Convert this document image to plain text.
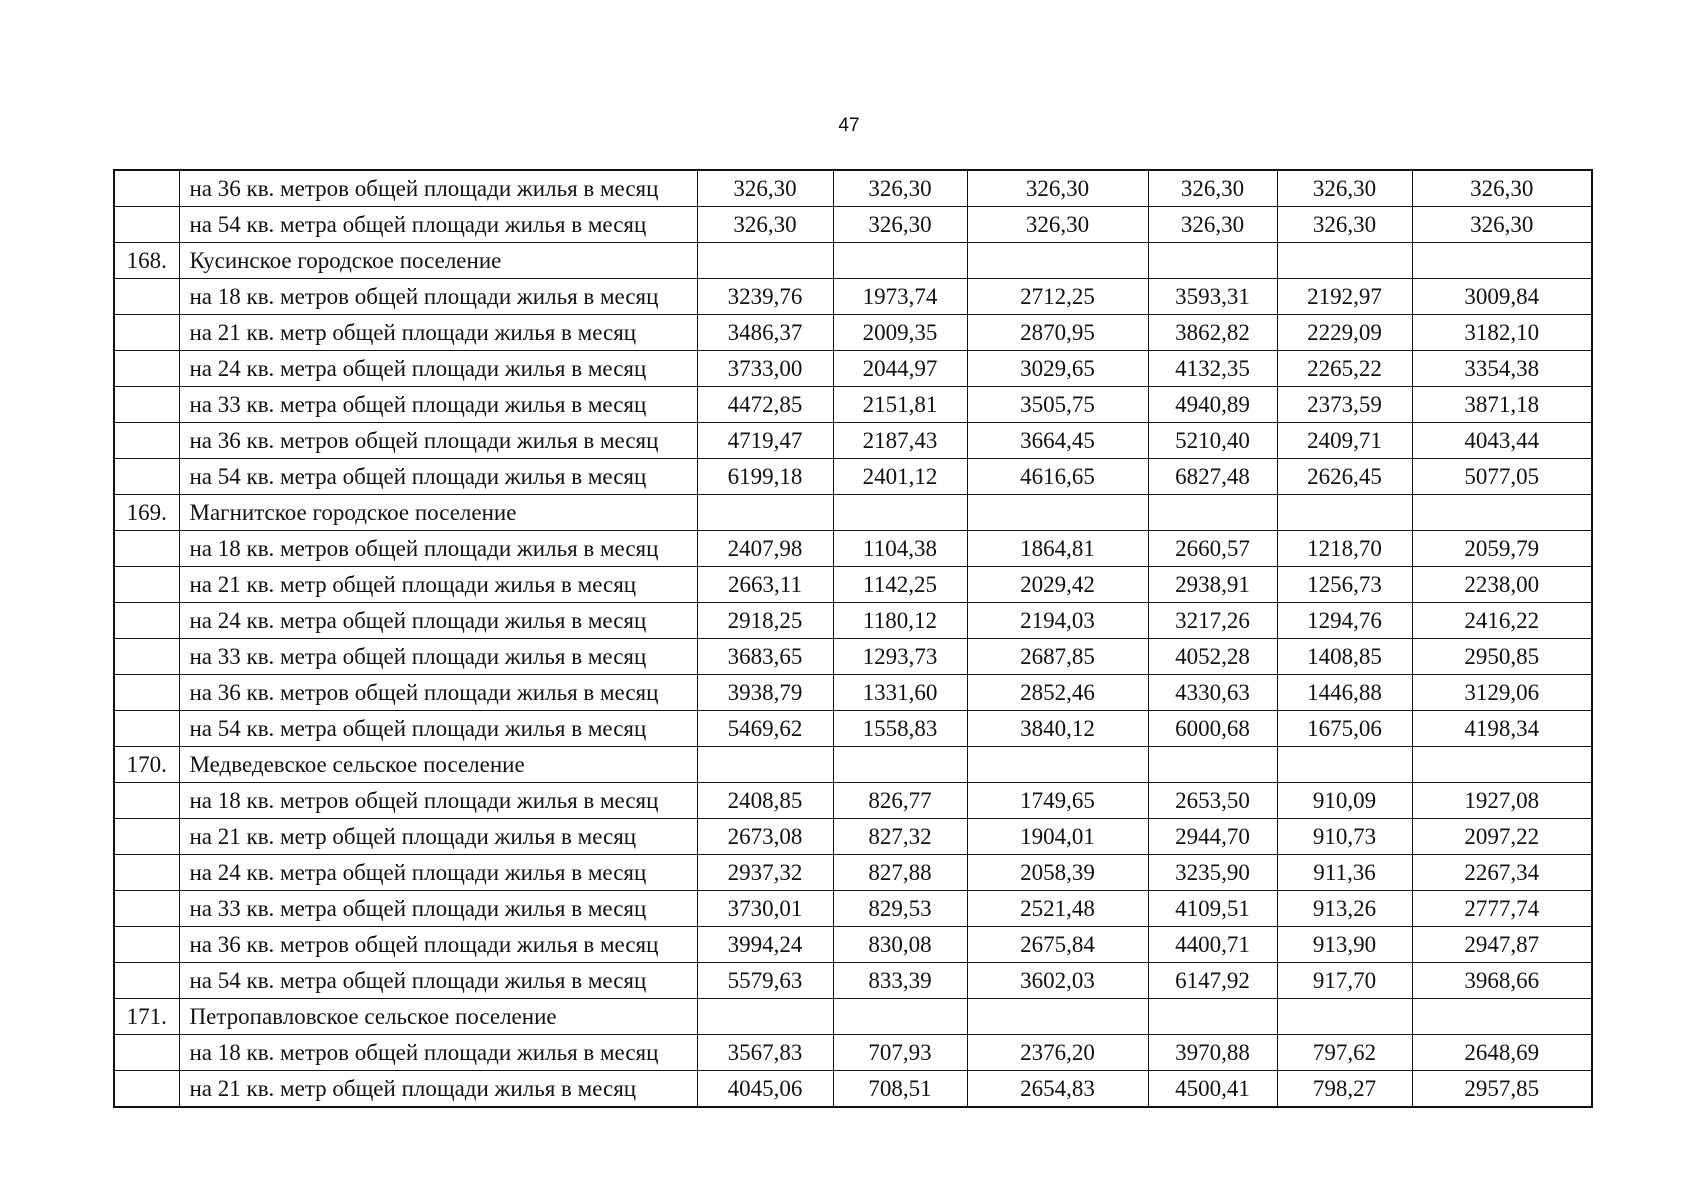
47
	на 36 кв. метров общей площади жилья в месяц	326,30	326,30	326,30	326,30	326,30	326,30
	на 54 кв. метра общей площади жилья в месяц	326,30	326,30	326,30	326,30	326,30	326,30
168.	Кусинское городское поселение						
	на 18 кв. метров общей площади жилья в месяц	3239,76	1973,74	2712,25	3593,31	2192,97	3009,84
	на 21 кв. метр общей площади жилья в месяц	3486,37	2009,35	2870,95	3862,82	2229,09	3182,10
	на 24 кв. метра общей площади жилья в месяц	3733,00	2044,97	3029,65	4132,35	2265,22	3354,38
	на 33 кв. метра общей площади жилья в месяц	4472,85	2151,81	3505,75	4940,89	2373,59	3871,18
	на 36 кв. метров общей площади жилья в месяц	4719,47	2187,43	3664,45	5210,40	2409,71	4043,44
	на 54 кв. метра общей площади жилья в месяц	6199,18	2401,12	4616,65	6827,48	2626,45	5077,05
169.	Магнитское городское поселение						
	на 18 кв. метров общей площади жилья в месяц	2407,98	1104,38	1864,81	2660,57	1218,70	2059,79
	на 21 кв. метр общей площади жилья в месяц	2663,11	1142,25	2029,42	2938,91	1256,73	2238,00
	на 24 кв. метра общей площади жилья в месяц	2918,25	1180,12	2194,03	3217,26	1294,76	2416,22
	на 33 кв. метра общей площади жилья в месяц	3683,65	1293,73	2687,85	4052,28	1408,85	2950,85
	на 36 кв. метров общей площади жилья в месяц	3938,79	1331,60	2852,46	4330,63	1446,88	3129,06
	на 54 кв. метра общей площади жилья в месяц	5469,62	1558,83	3840,12	6000,68	1675,06	4198,34
170.	Медведевское сельское поселение						
	на 18 кв. метров общей площади жилья в месяц	2408,85	826,77	1749,65	2653,50	910,09	1927,08
	на 21 кв. метр общей площади жилья в месяц	2673,08	827,32	1904,01	2944,70	910,73	2097,22
	на 24 кв. метра общей площади жилья в месяц	2937,32	827,88	2058,39	3235,90	911,36	2267,34
	на 33 кв. метра общей площади жилья в месяц	3730,01	829,53	2521,48	4109,51	913,26	2777,74
	на 36 кв. метров общей площади жилья в месяц	3994,24	830,08	2675,84	4400,71	913,90	2947,87
	на 54 кв. метра общей площади жилья в месяц	5579,63	833,39	3602,03	6147,92	917,70	3968,66
171.	Петропавловское сельское поселение						
	на 18 кв. метров общей площади жилья в месяц	3567,83	707,93	2376,20	3970,88	797,62	2648,69
	на 21 кв. метр общей площади жилья в месяц	4045,06	708,51	2654,83	4500,41	798,27	2957,85
